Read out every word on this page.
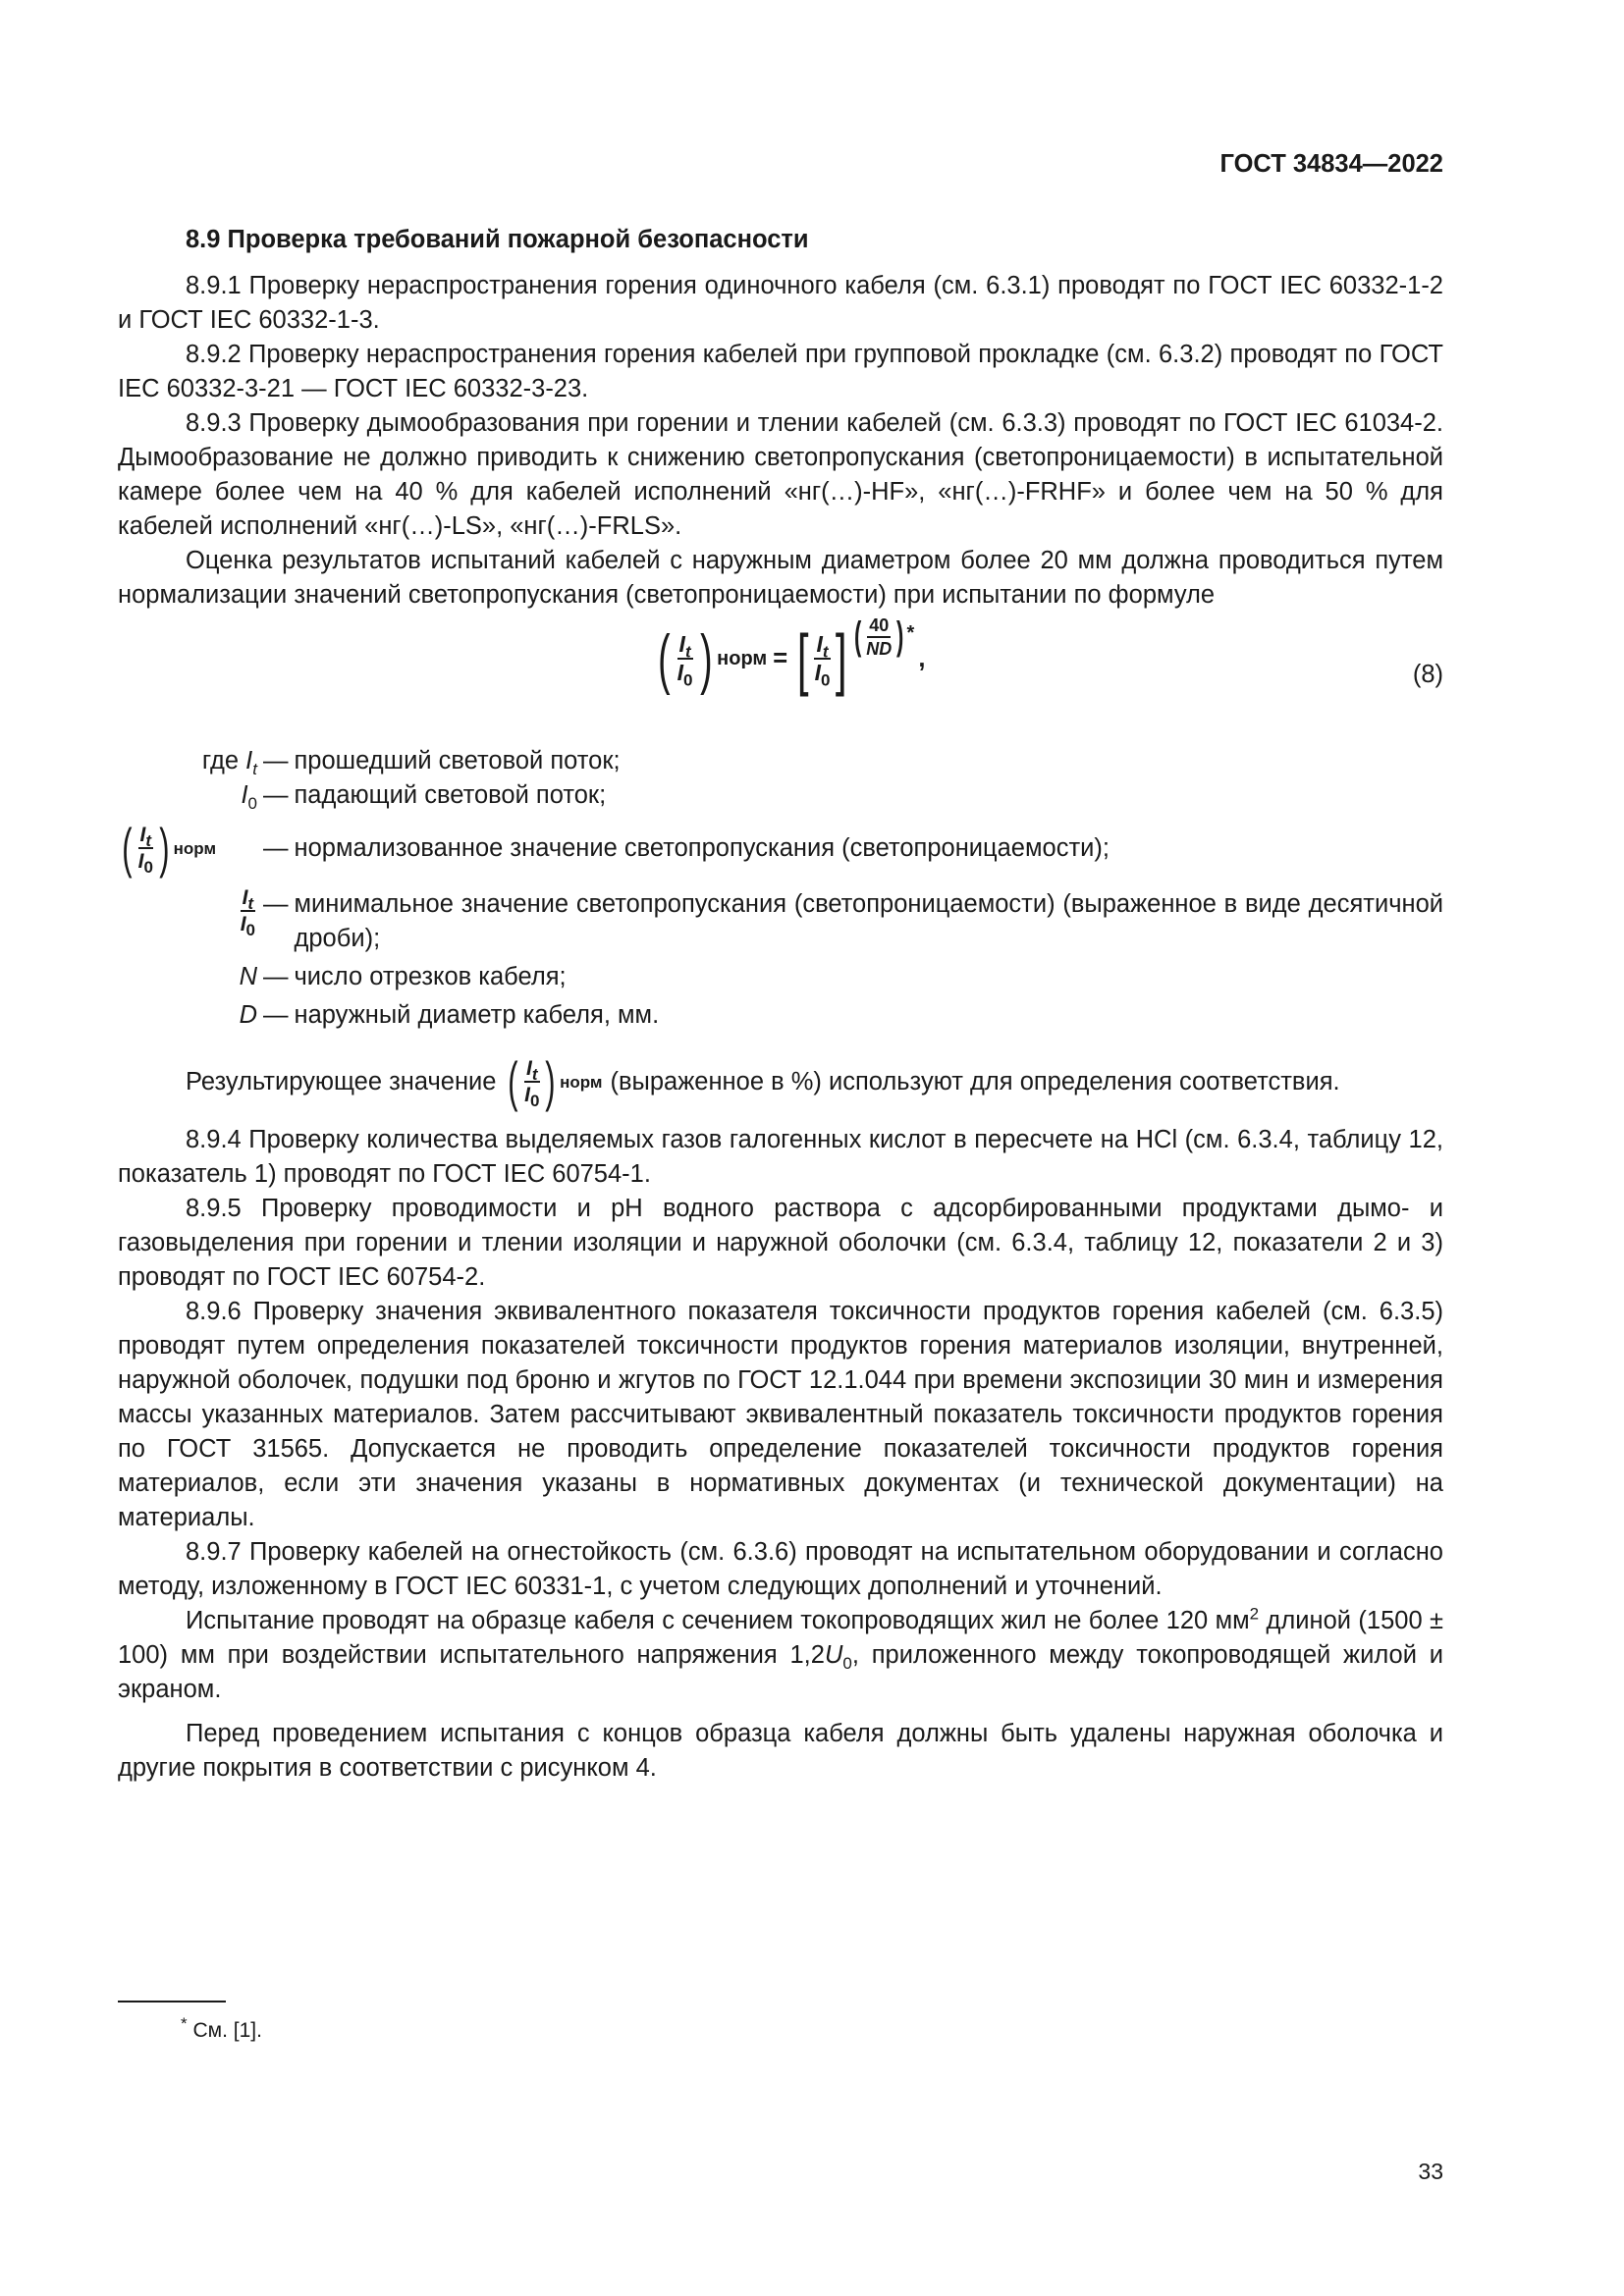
ГОСТ 34834—2022
8.9 Проверка требований пожарной безопасности

8.9.1 Проверку нераспространения горения одиночного кабеля (см. 6.3.1) проводят по ГОСТ IEC 60332-1-2 и ГОСТ IEC 60332-1-3.

8.9.2 Проверку нераспространения горения кабелей при групповой прокладке (см. 6.3.2) проводят по ГОСТ IEC 60332-3-21 — ГОСТ IEC 60332-3-23.

8.9.3 Проверку дымообразования при горении и тлении кабелей (см. 6.3.3) проводят по ГОСТ IEC 61034-2. Дымообразование не должно приводить к снижению светопропускания (светопроницаемости) в испытательной камере более чем на 40 % для кабелей исполнений «нг(…)-HF», «нг(…)-FRHF» и более чем на 50 % для кабелей исполнений «нг(…)-LS», «нг(…)-FRLS».

Оценка результатов испытаний кабелей с наружным диаметром более 20 мм должна проводиться путем нормализации значений светопропускания (светопроницаемости) при испытании по формуле

( $\frac{I_t}{I_0}$ ) норм = [ $\frac{I_t}{I_0}$ ] ( $\frac{40}{ND}$ ) *
,
(8)
где $I_t$ — прошедший световой поток;
$I_0$ — падающий световой поток;
( $\frac{I_t}{I_0}$ ) норм — нормализованное значение светопропускания (светопроницаемости);
$\frac{I_t}{I_0}$ — минимальное значение светопропускания (светопроницаемости) (выраженное в виде десятичной дроби);
N — число отрезков кабеля;
D — наружный диаметр кабеля, мм.
Результирующее значение ( $\frac{I_t}{I_0}$ ) норм (выраженное в %) используют для определения соответствия.

8.9.4 Проверку количества выделяемых газов галогенных кислот в пересчете на HCl (см. 6.3.4, таблицу 12, показатель 1) проводят по ГОСТ IEC 60754-1.

8.9.5 Проверку проводимости и pH водного раствора с адсорбированными продуктами дымо- и газовыделения при горении и тлении изоляции и наружной оболочки (см. 6.3.4, таблицу 12, показатели 2 и 3) проводят по ГОСТ IEC 60754-2.

8.9.6 Проверку значения эквивалентного показателя токсичности продуктов горения кабелей (см. 6.3.5) проводят путем определения показателей токсичности продуктов горения материалов изоляции, внутренней, наружной оболочек, подушки под броню и жгутов по ГОСТ 12.1.044 при времени экспозиции 30 мин и измерения массы указанных материалов. Затем рассчитывают эквивалентный показатель токсичности продуктов горения по ГОСТ 31565. Допускается не проводить определение показателей токсичности продуктов горения материалов, если эти значения указаны в нормативных документах (и технической документации) на материалы.

8.9.7 Проверку кабелей на огнестойкость (см. 6.3.6) проводят на испытательном оборудовании и согласно методу, изложенному в ГОСТ IEC 60331-1, с учетом следующих дополнений и уточнений.

Испытание проводят на образце кабеля с сечением токопроводящих жил не более 120 $мм^2$ длиной (1500 ± 100) мм при воздействии испытательного напряжения $1,2U_0$, приложенного между токопроводящей жилой и экраном.

Перед проведением испытания с концов образца кабеля должны быть удалены наружная оболочка и другие покрытия в соответствии с рисунком 4.

* См. [1].
33
